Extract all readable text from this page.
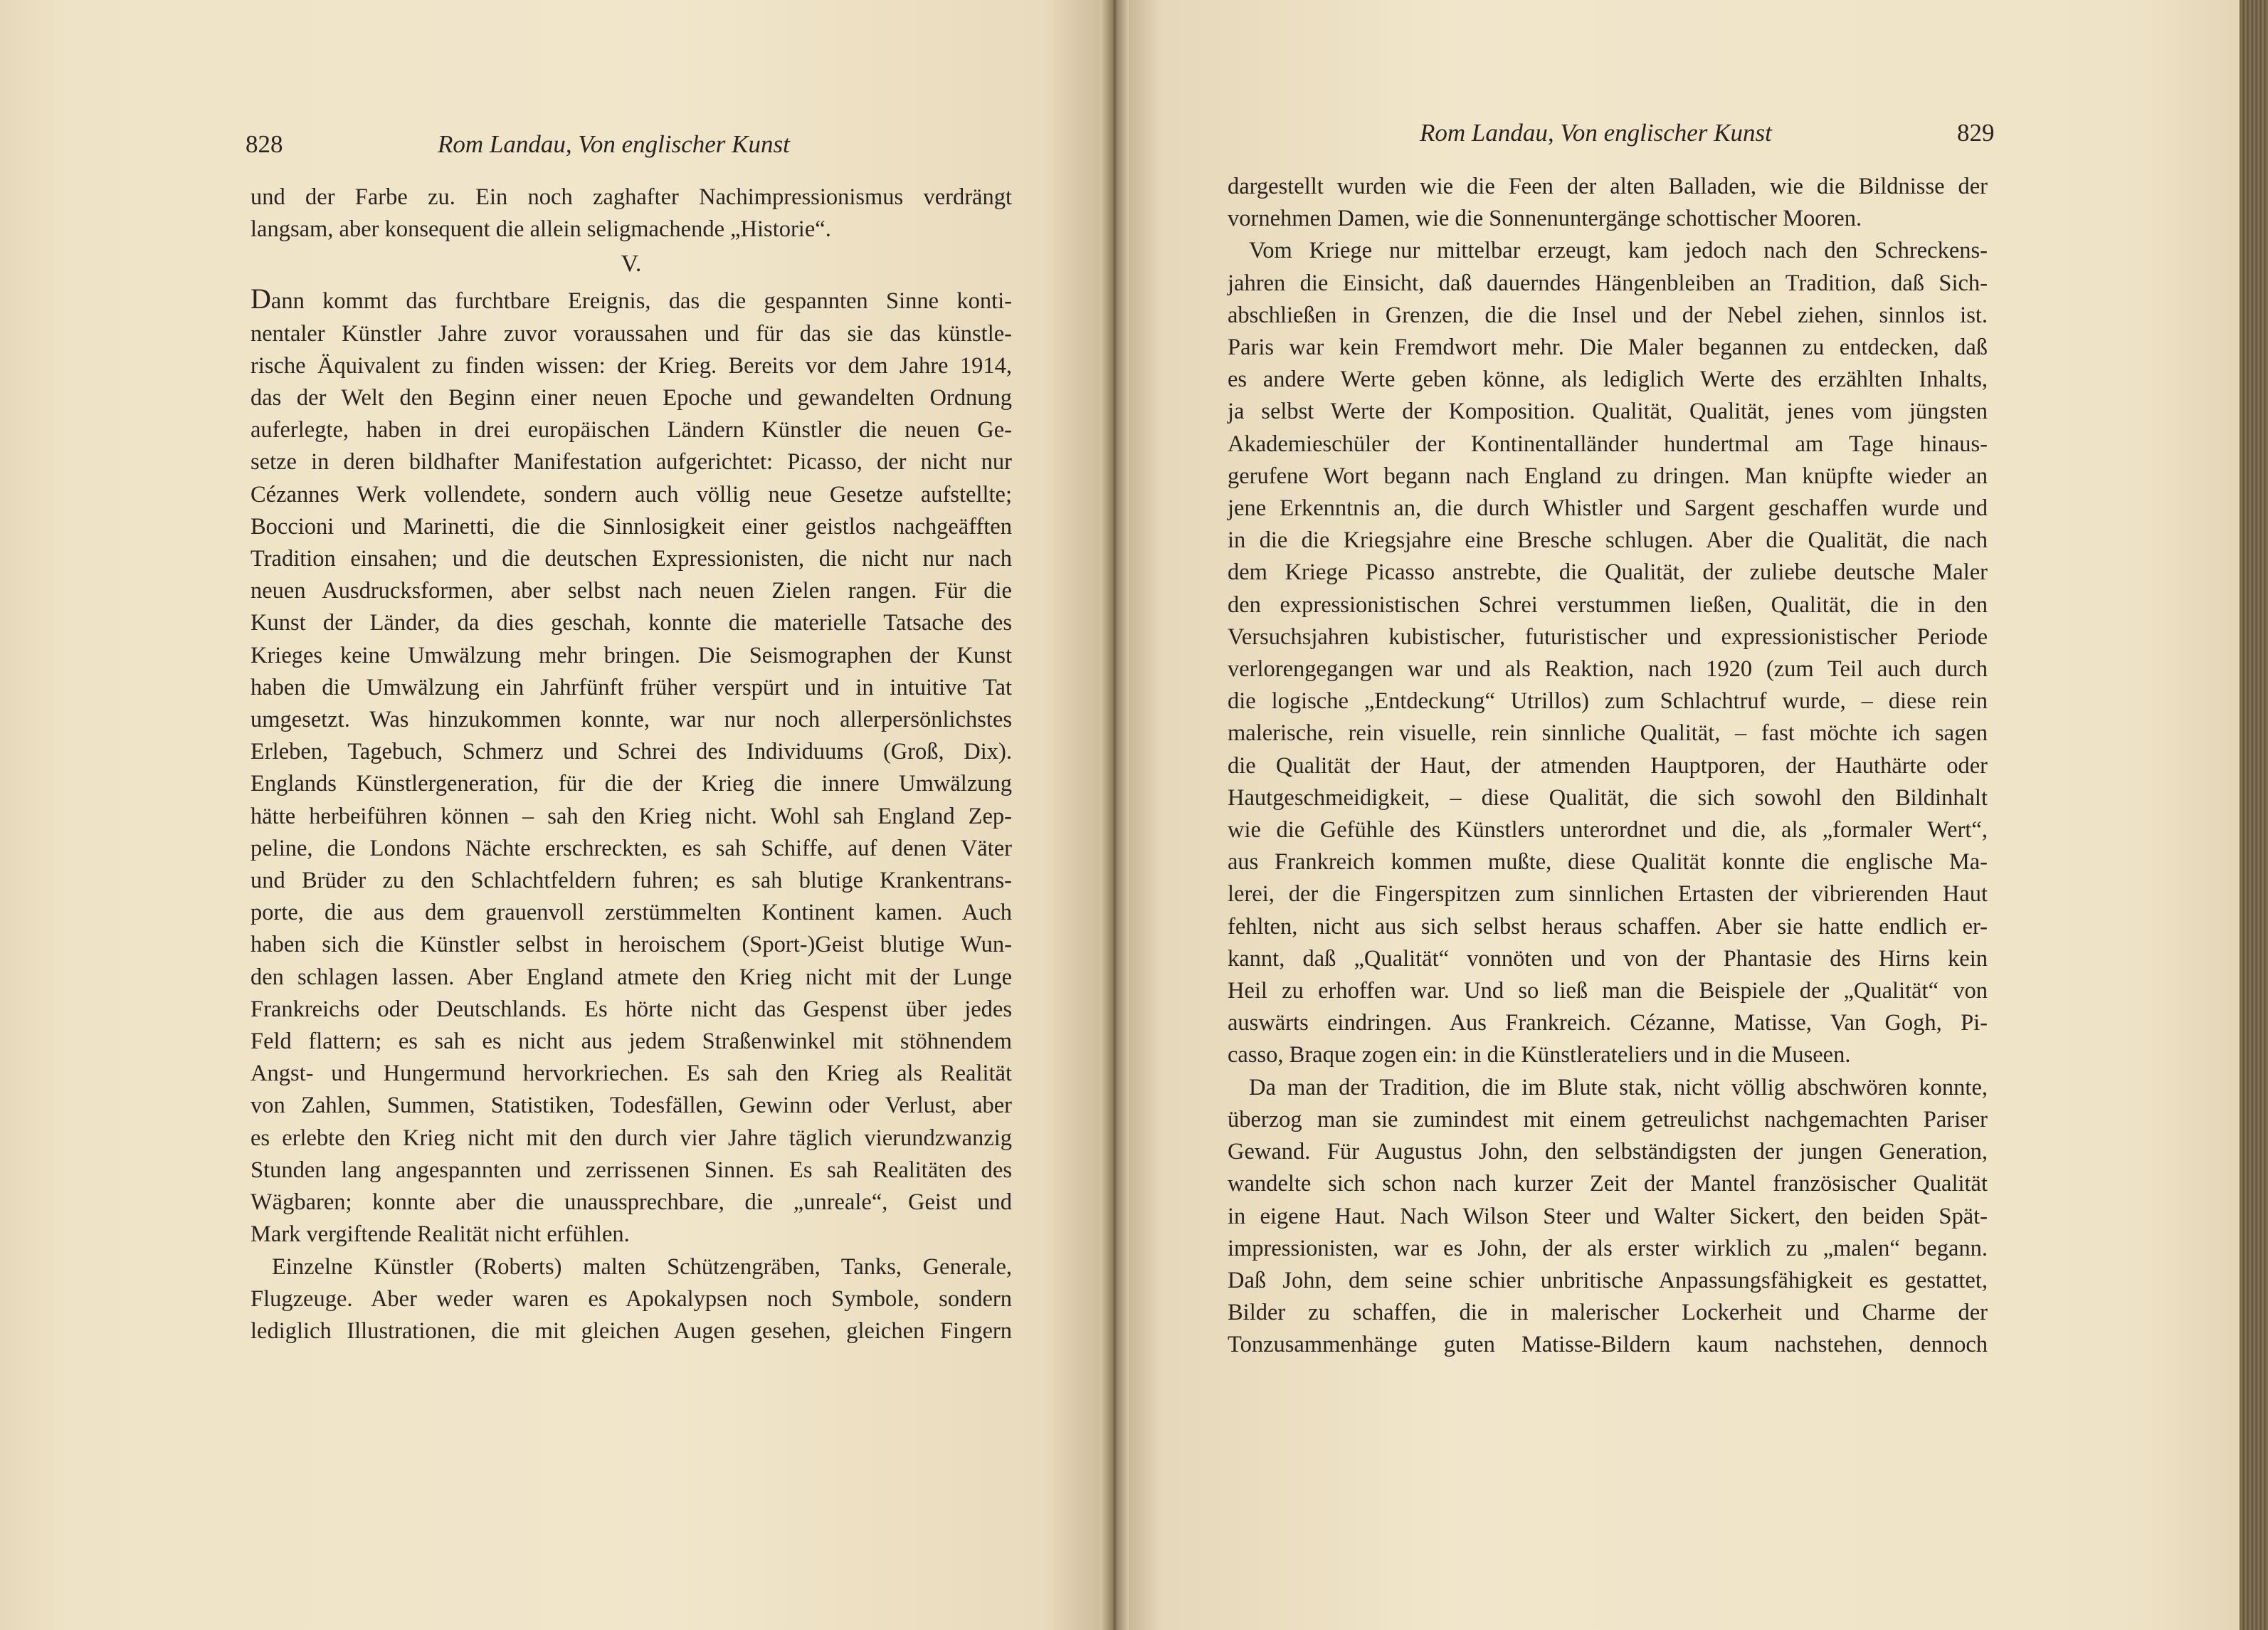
828	Rom Landau, Von englischer Kunst
und der Farbe zu. Ein noch zaghafter Nachimpressionismus verdrängt
langsam, aber konsequent die allein seligmachende „Historie“.
V.
Dann kommt das furchtbare Ereignis, das die gespannten Sinne konti-
nentaler Künstler Jahre zuvor voraussahen und für das sie das künstle-
rische Äquivalent zu finden wissen: der Krieg. Bereits vor dem Jahre 1914,
das der Welt den Beginn einer neuen Epoche und gewandelten Ordnung
auferlegte, haben in drei europäischen Ländern Künstler die neuen Ge-
setze in deren bildhafter Manifestation aufgerichtet: Picasso, der nicht nur
Cézannes Werk vollendete, sondern auch völlig neue Gesetze aufstellte;
Boccioni und Marinetti, die die Sinnlosigkeit einer geistlos nachgeäfften
Tradition einsahen; und die deutschen Expressionisten, die nicht nur nach
neuen Ausdrucksformen, aber selbst nach neuen Zielen rangen. Für die
Kunst der Länder, da dies geschah, konnte die materielle Tatsache des
Krieges keine Umwälzung mehr bringen. Die Seismographen der Kunst
haben die Umwälzung ein Jahrfünft früher verspürt und in intuitive Tat
umgesetzt. Was hinzukommen konnte, war nur noch allerpersönlichstes
Erleben, Tagebuch, Schmerz und Schrei des Individuums (Groß, Dix).
Englands Künstlergeneration, für die der Krieg die innere Umwälzung
hätte herbeiführen können – sah den Krieg nicht. Wohl sah England Zep-
peline, die Londons Nächte erschreckten, es sah Schiffe, auf denen Väter
und Brüder zu den Schlachtfeldern fuhren; es sah blutige Krankentrans-
porte, die aus dem grauenvoll zerstümmelten Kontinent kamen. Auch
haben sich die Künstler selbst in heroischem (Sport-)Geist blutige Wun-
den schlagen lassen. Aber England atmete den Krieg nicht mit der Lunge
Frankreichs oder Deutschlands. Es hörte nicht das Gespenst über jedes
Feld flattern; es sah es nicht aus jedem Straßenwinkel mit stöhnendem
Angst- und Hungermund hervorkriechen. Es sah den Krieg als Realität
von Zahlen, Summen, Statistiken, Todesfällen, Gewinn oder Verlust, aber
es erlebte den Krieg nicht mit den durch vier Jahre täglich vierundzwanzig
Stunden lang angespannten und zerrissenen Sinnen. Es sah Realitäten des
Wägbaren; konnte aber die unaussprechbare, die „unreale“, Geist und
Mark vergiftende Realität nicht erfühlen.
Einzelne Künstler (Roberts) malten Schützengräben, Tanks, Generale,
Flugzeuge. Aber weder waren es Apokalypsen noch Symbole, sondern
lediglich Illustrationen, die mit gleichen Augen gesehen, gleichen Fingern
Rom Landau, Von englischer Kunst	829
dargestellt wurden wie die Feen der alten Balladen, wie die Bildnisse der
vornehmen Damen, wie die Sonnenuntergänge schottischer Mooren.
Vom Kriege nur mittelbar erzeugt, kam jedoch nach den Schreckens-
jahren die Einsicht, daß dauerndes Hängenbleiben an Tradition, daß Sich-
abschließen in Grenzen, die die Insel und der Nebel ziehen, sinnlos ist.
Paris war kein Fremdwort mehr. Die Maler begannen zu entdecken, daß
es andere Werte geben könne, als lediglich Werte des erzählten Inhalts,
ja selbst Werte der Komposition. Qualität, Qualität, jenes vom jüngsten
Akademieschüler der Kontinentalländer hundertmal am Tage hinaus-
gerufene Wort begann nach England zu dringen. Man knüpfte wieder an
jene Erkenntnis an, die durch Whistler und Sargent geschaffen wurde und
in die die Kriegsjahre eine Bresche schlugen. Aber die Qualität, die nach
dem Kriege Picasso anstrebte, die Qualität, der zuliebe deutsche Maler
den expressionistischen Schrei verstummen ließen, Qualität, die in den
Versuchsjahren kubistischer, futuristischer und expressionistischer Periode
verlorengegangen war und als Reaktion, nach 1920 (zum Teil auch durch
die logische „Entdeckung“ Utrillos) zum Schlachtruf wurde, – diese rein
malerische, rein visuelle, rein sinnliche Qualität, – fast möchte ich sagen
die Qualität der Haut, der atmenden Hauptporen, der Hauthärte oder
Hautgeschmeidigkeit, – diese Qualität, die sich sowohl den Bildinhalt
wie die Gefühle des Künstlers unterordnet und die, als „formaler Wert“,
aus Frankreich kommen mußte, diese Qualität konnte die englische Ma-
lerei, der die Fingerspitzen zum sinnlichen Ertasten der vibrierenden Haut
fehlten, nicht aus sich selbst heraus schaffen. Aber sie hatte endlich er-
kannt, daß „Qualität“ vonnöten und von der Phantasie des Hirns kein
Heil zu erhoffen war. Und so ließ man die Beispiele der „Qualität“ von
auswärts eindringen. Aus Frankreich. Cézanne, Matisse, Van Gogh, Pi-
casso, Braque zogen ein: in die Künstlerateliers und in die Museen.
Da man der Tradition, die im Blute stak, nicht völlig abschwören konnte,
überzog man sie zumindest mit einem getreulichst nachgemachten Pariser
Gewand. Für Augustus John, den selbständigsten der jungen Generation,
wandelte sich schon nach kurzer Zeit der Mantel französischer Qualität
in eigene Haut. Nach Wilson Steer und Walter Sickert, den beiden Spät-
impressionisten, war es John, der als erster wirklich zu „malen“ begann.
Daß John, dem seine schier unbritische Anpassungsfähigkeit es gestattet,
Bilder zu schaffen, die in malerischer Lockerheit und Charme der
Tonzusammenhänge guten Matisse-Bildern kaum nachstehen, dennoch
